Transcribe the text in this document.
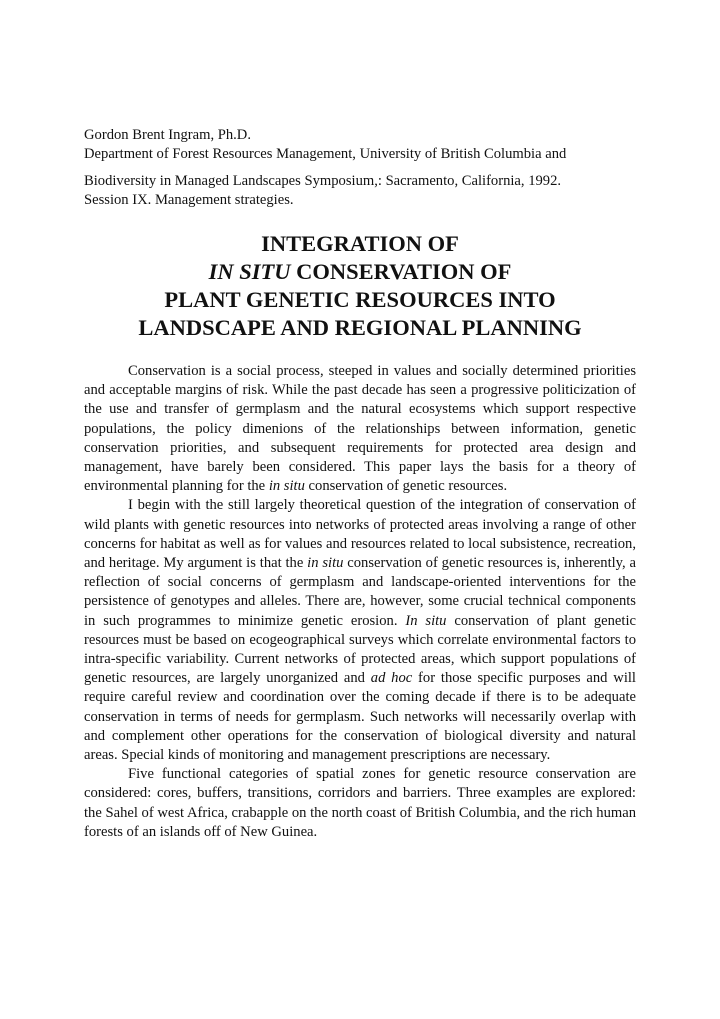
Gordon Brent Ingram, Ph.D.
Department of Forest Resources Management, University of British Columbia and
Biodiversity in Managed Landscapes Symposium,: Sacramento, California, 1992.
Session IX. Management strategies.
INTEGRATION OF
IN SITU CONSERVATION OF
PLANT GENETIC RESOURCES INTO
LANDSCAPE AND REGIONAL PLANNING

Conservation is a social process, steeped in values and socially determined priorities and acceptable margins of risk. While the past decade has seen a progressive politicization of the use and transfer of germplasm and the natural ecosystems which support respective populations, the policy dimenions of the relationships between information, genetic conservation priorities, and subsequent requirements for protected area design and management, have barely been considered. This paper lays the basis for a theory of environmental planning for the in situ conservation of genetic resources.

I begin with the still largely theoretical question of the integration of conservation of wild plants with genetic resources into networks of protected areas involving a range of other concerns for habitat as well as for values and resources related to local subsistence, recreation, and heritage. My argument is that the in situ conservation of genetic resources is, inherently, a reflection of social concerns of germplasm and landscape-oriented interventions for the persistence of genotypes and alleles. There are, however, some crucial technical components in such programmes to minimize genetic erosion. In situ conservation of plant genetic resources must be based on ecogeographical surveys which correlate environmental factors to intra-specific variability. Current networks of protected areas, which support populations of genetic resources, are largely unorganized and ad hoc for those specific purposes and will require careful review and coordination over the coming decade if there is to be adequate conservation in terms of needs for germplasm. Such networks will necessarily overlap with and complement other operations for the conservation of biological diversity and natural areas. Special kinds of monitoring and management prescriptions are necessary.

Five functional categories of spatial zones for genetic resource conservation are considered: cores, buffers, transitions, corridors and barriers. Three examples are explored: the Sahel of west Africa, crabapple on the north coast of British Columbia, and the rich human forests of an islands off of New Guinea.
